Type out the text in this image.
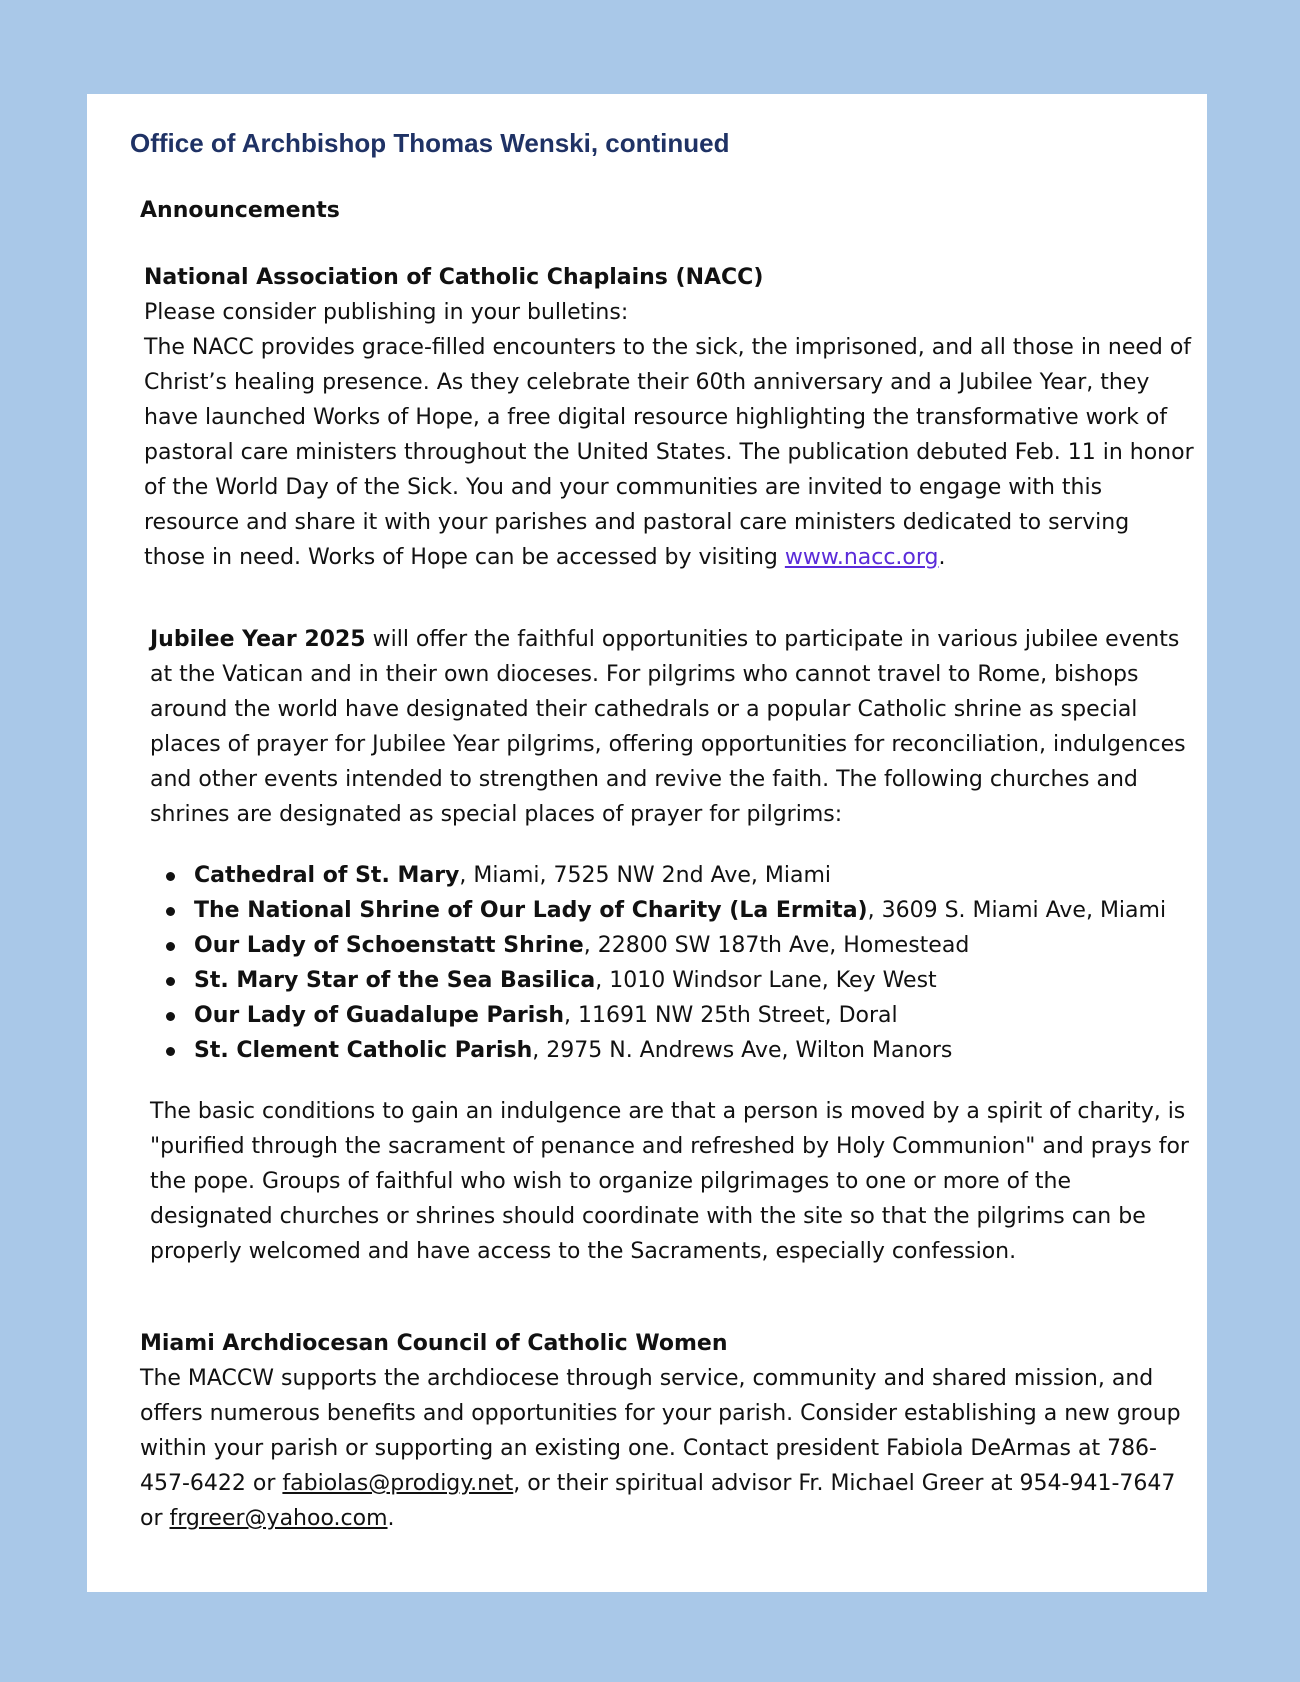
Office of Archbishop Thomas Wenski, continued
Announcements

National Association of Catholic Chaplains (NACC)

Please consider publishing in your bulletins:

The NACC provides grace-filled encounters to the sick, the imprisoned, and all those in need of Christ’s healing presence. As they celebrate their 60th anniversary and a Jubilee Year, they have launched Works of Hope, a free digital resource highlighting the transformative work of pastoral care ministers throughout the United States. The publication debuted Feb. 11 in honor of the World Day of the Sick. You and your communities are invited to engage with this resource and share it with your parishes and pastoral care ministers dedicated to serving those in need. Works of Hope can be accessed by visiting www.nacc.org.

Jubilee Year 2025 will offer the faithful opportunities to participate in various jubilee events at the Vatican and in their own dioceses. For pilgrims who cannot travel to Rome, bishops around the world have designated their cathedrals or a popular Catholic shrine as special places of prayer for Jubilee Year pilgrims, offering opportunities for reconciliation, indulgences and other events intended to strengthen and revive the faith. The following churches and shrines are designated as special places of prayer for pilgrims:

Cathedral of St. Mary, Miami, 7525 NW 2nd Ave, Miami
The National Shrine of Our Lady of Charity (La Ermita), 3609 S. Miami Ave, Miami
Our Lady of Schoenstatt Shrine, 22800 SW 187th Ave, Homestead
St. Mary Star of the Sea Basilica, 1010 Windsor Lane, Key West
Our Lady of Guadalupe Parish, 11691 NW 25th Street, Doral
St. Clement Catholic Parish, 2975 N. Andrews Ave, Wilton Manors

The basic conditions to gain an indulgence are that a person is moved by a spirit of charity, is "purified through the sacrament of penance and refreshed by Holy Communion" and prays for the pope. Groups of faithful who wish to organize pilgrimages to one or more of the designated churches or shrines should coordinate with the site so that the pilgrims can be properly welcomed and have access to the Sacraments, especially confession.

Miami Archdiocesan Council of Catholic Women

The MACCW supports the archdiocese through service, community and shared mission, and offers numerous benefits and opportunities for your parish. Consider establishing a new group within your parish or supporting an existing one. Contact president Fabiola DeArmas at 786-457-6422 or fabiolas@prodigy.net, or their spiritual advisor Fr. Michael Greer at 954-941-7647 or frgreer@yahoo.com.
